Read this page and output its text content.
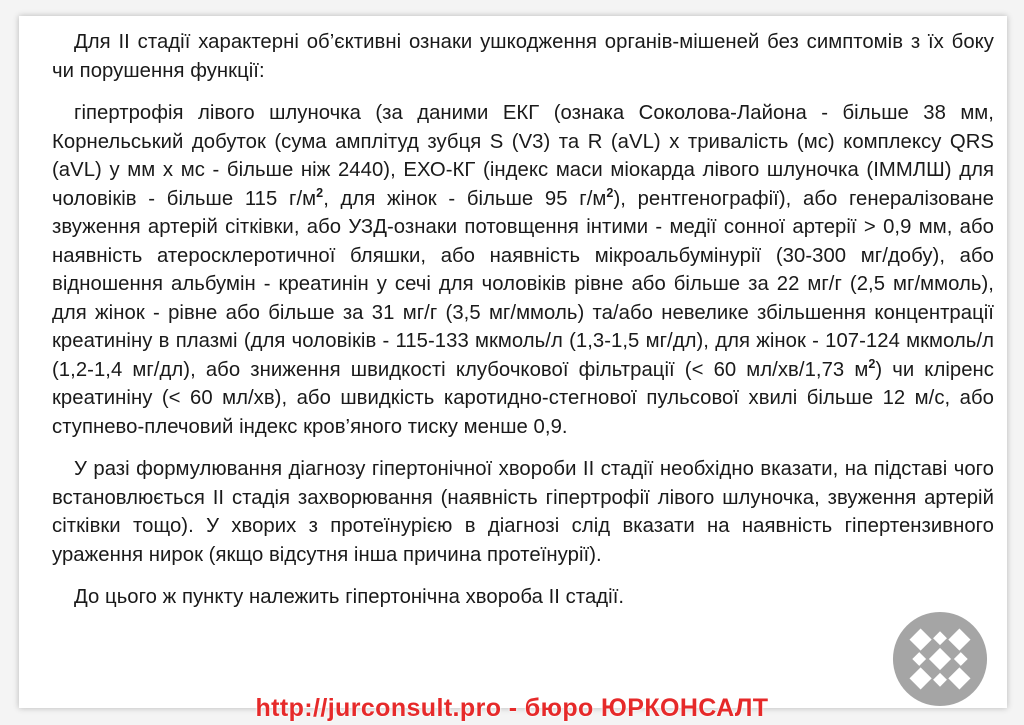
Для II стадії характерні об’єктивні ознаки ушкодження органів-мішеней без симптомів з їх боку чи порушення функції:

гіпертрофія лівого шлуночка (за даними ЕКГ (ознака Соколова-Лайона - більше 38 мм, Корнельський добуток (сума амплітуд зубця S (V3) та R (aVL) x тривалість (мс) комплексу QRS (aVL) у мм x мс - більше ніж 2440), ЕХО-КГ (індекс маси міокарда лівого шлуночка (ІММЛШ) для чоловіків - більше 115 $г/м^2$, для жінок - більше 95 $г/м^2$), рентгенографії), або генералізоване звуження артерій сітківки, або УЗД-ознаки потовщення інтими - медії сонної артерії > 0,9 мм, або наявність атеросклеротичної бляшки, або наявність мікроальбумінурії (30-300 мг/добу), або відношення альбумін - креатинін у сечі для чоловіків рівне або більше за 22 мг/г (2,5 мг/ммоль), для жінок - рівне або більше за 31 мг/г (3,5 мг/ммоль) та/або невелике збільшення концентрації креатиніну в плазмі (для чоловіків - 115-133 мкмоль/л (1,3-1,5 мг/дл), для жінок - 107-124 мкмоль/л (1,2-1,4 мг/дл), або зниження швидкості клубочкової фільтрації (< 60 мл/хв/1,73 $м^2$) чи кліренс креатиніну (< 60 мл/хв), або швидкість каротидно-стегнової пульсової хвилі більше 12 м/с, або ступнево-плечовий індекс кров’яного тиску менше 0,9.

У разі формулювання діагнозу гіпертонічної хвороби II стадії необхідно вказати, на підставі чого встановлюється II стадія захворювання (наявність гіпертрофії лівого шлуночка, звуження артерій сітківки тощо). У хворих з протеїнурією в діагнозі слід вказати на наявність гіпертензивного ураження нирок (якщо відсутня інша причина протеїнурії).

До цього ж пункту належить гіпертонічна хвороба II стадії.

http://jurconsult.pro - бюро ЮРКОНСАЛТ
